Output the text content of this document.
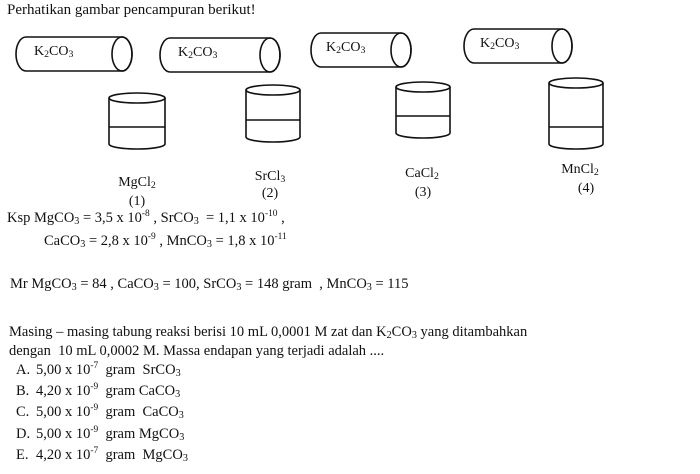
Perhatikan gambar pencampuran berikut!
$K_2CO_3$	$K_2CO_3$
$K_2CO_3$	$K_2CO_3$
MgCl$_2$
(1)
SrCl$_3$
(2)
CaCl$_2$
(3)
MnCl$_2$
(4)
Ksp MgCO$_3$ = 3,5 x $10^{-8}$ , SrCO$_3$  = 1,1 x $10^{-10}$ ,
CaCO$_3$ = 2,8 x $10^{-9}$ , MnCO$_3$ = 1,8 x $10^{-11}$
Mr MgCO$_3$ = 84 , CaCO$_3$ = 100, SrCO$_3$ = 148 gram  , MnCO$_3$ = 115
Masing – masing tabung reaksi berisi 10 mL 0,0001 M zat dan $K_2CO_3$ yang ditambahkan
dengan  10 mL 0,0002 M. Massa endapan yang terjadi adalah ....
A. 5,00 x $10^{-7}$  gram  SrCO$_3$
B. 4,20 x $10^{-9}$  gram CaCO$_3$
C. 5,00 x $10^{-9}$  gram  CaCO$_3$
D. 5,00 x $10^{-9}$  gram MgCO$_3$
E. 4,20 x $10^{-7}$  gram  MgCO$_3$
